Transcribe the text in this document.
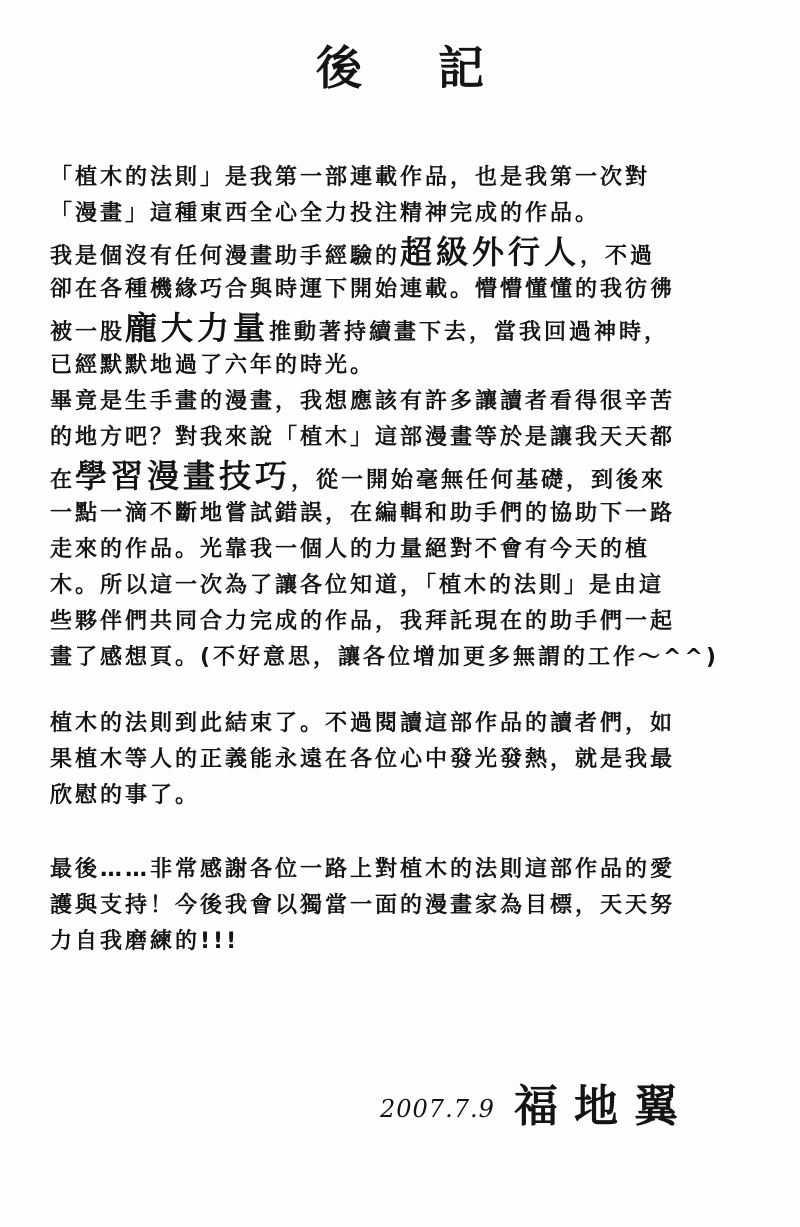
後 記
「植木的法則」是我第一部連載作品，也是我第一次對
「漫畫」這種東西全心全力投注精神完成的作品。
我是個沒有任何漫畫助手經驗的超級外行人，不過
卻在各種機緣巧合與時運下開始連載。懵懵懂懂的我彷彿
被一股龐大力量推動著持續畫下去，當我回過神時，
已經默默地過了六年的時光。
畢竟是生手畫的漫畫，我想應該有許多讓讀者看得很辛苦
的地方吧？對我來說「植木」這部漫畫等於是讓我天天都
在學習漫畫技巧，從一開始毫無任何基礎，到後來
一點一滴不斷地嘗試錯誤，在編輯和助手們的協助下一路
走來的作品。光靠我一個人的力量絕對不會有今天的植
木。所以這一次為了讓各位知道，「植木的法則」是由這
些夥伴們共同合力完成的作品，我拜託現在的助手們一起
畫了感想頁。(不好意思，讓各位增加更多無謂的工作～^^)
植木的法則到此結束了。不過閱讀這部作品的讀者們，如
果植木等人的正義能永遠在各位心中發光發熱，就是我最
欣慰的事了。
最後……非常感謝各位一路上對植木的法則這部作品的愛
護與支持！今後我會以獨當一面的漫畫家為目標，天天努
力自我磨練的!!!
2007.7.9 福地翼
